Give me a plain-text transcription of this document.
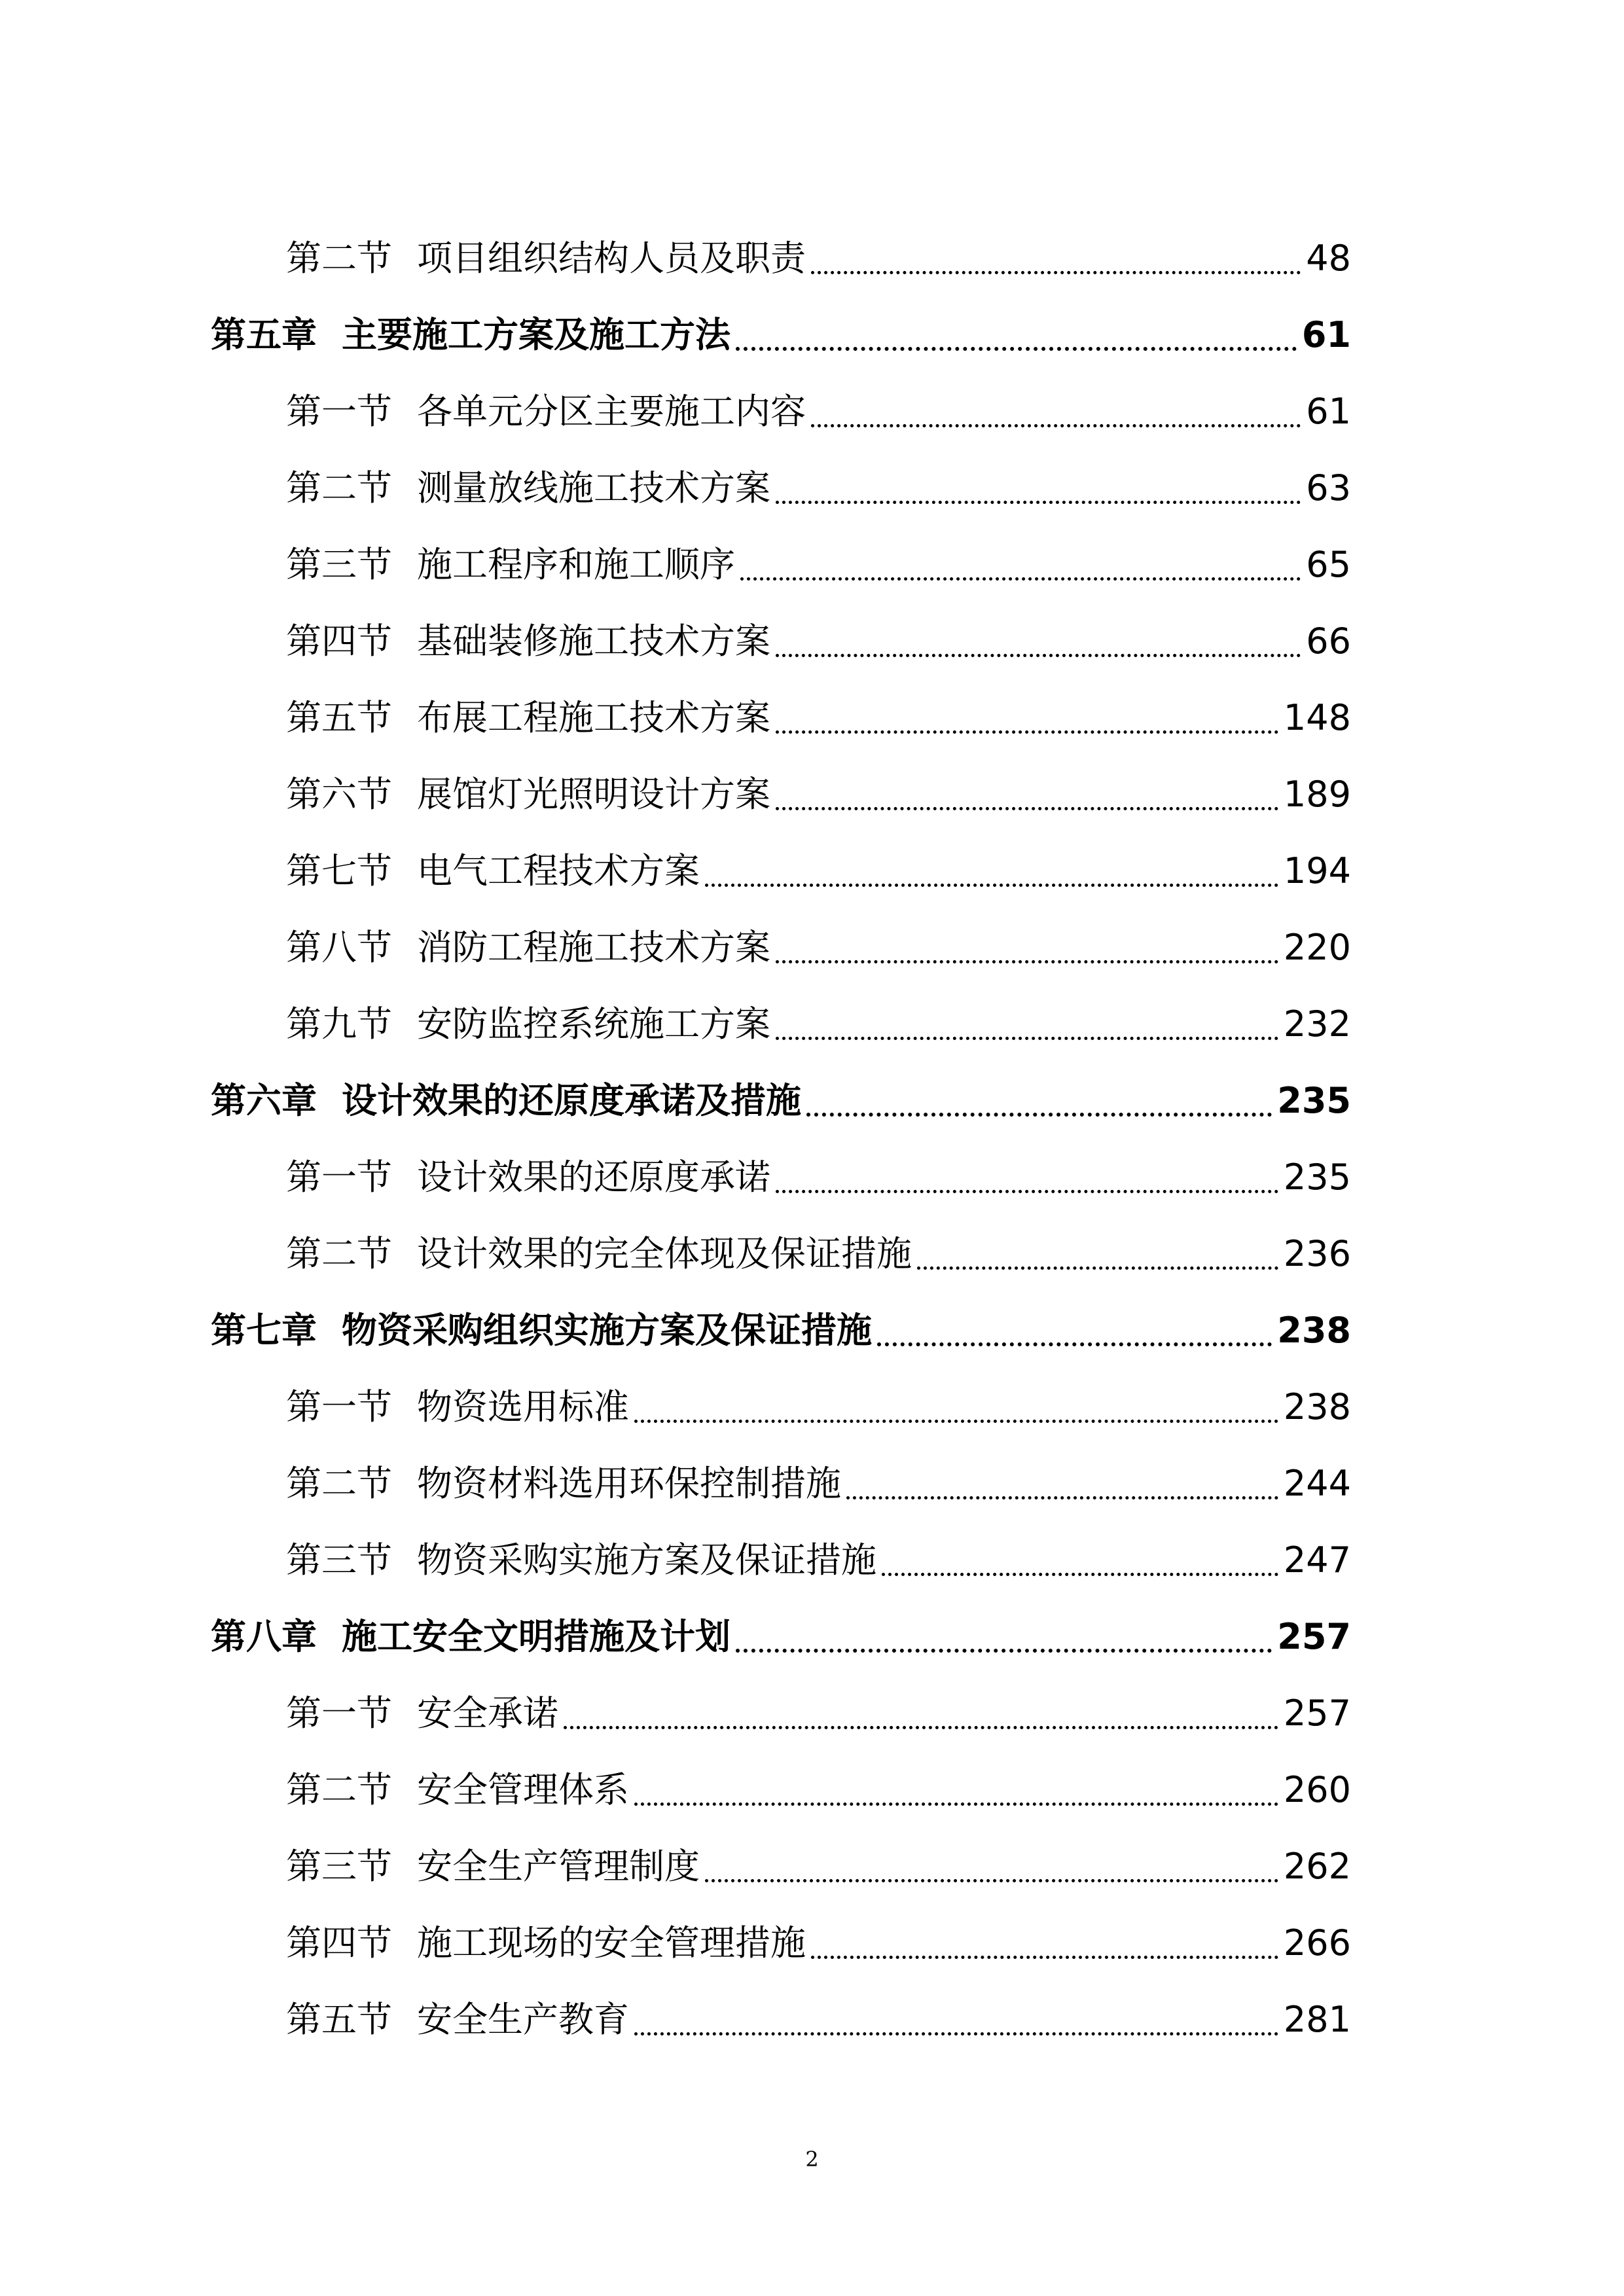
第二节 项目组织结构人员及职责	48
第五章 主要施工方案及施工方法	61
第一节 各单元分区主要施工内容	61
第二节 测量放线施工技术方案	63
第三节 施工程序和施工顺序	65
第四节 基础装修施工技术方案	66
第五节 布展工程施工技术方案	148
第六节 展馆灯光照明设计方案	189
第七节 电气工程技术方案	194
第八节 消防工程施工技术方案	220
第九节 安防监控系统施工方案	232
第六章 设计效果的还原度承诺及措施	235
第一节 设计效果的还原度承诺	235
第二节 设计效果的完全体现及保证措施	236
第七章 物资采购组织实施方案及保证措施	238
第一节 物资选用标准	238
第二节 物资材料选用环保控制措施	244
第三节 物资采购实施方案及保证措施	247
第八章 施工安全文明措施及计划	257
第一节 安全承诺	257
第二节 安全管理体系	260
第三节 安全生产管理制度	262
第四节 施工现场的安全管理措施	266
第五节 安全生产教育	281
2
